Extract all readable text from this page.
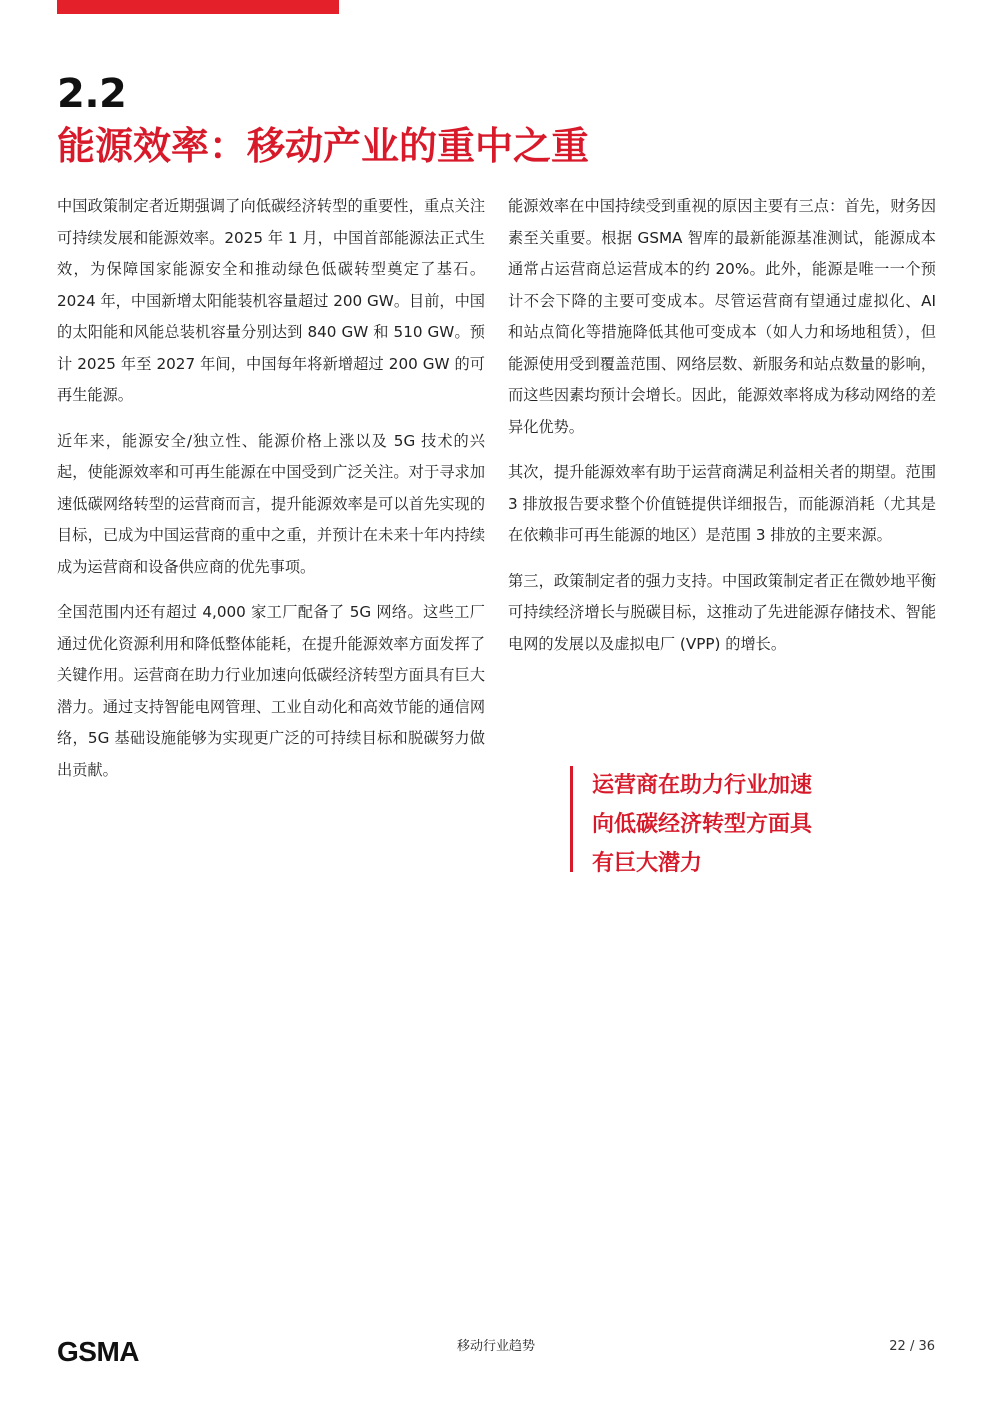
2.2
能源效率：移动产业的重中之重

中国政策制定者近期强调了向低碳经济转型的重要性，重点关注可持续发展和能源效率。2025 年 1 月，中国首部能源法正式生效，为保障国家能源安全和推动绿色低碳转型奠定了基石。2024 年，中国新增太阳能装机容量超过 200 GW。目前，中国的太阳能和风能总装机容量分别达到 840 GW 和 510 GW。预计 2025 年至 2027 年间，中国每年将新增超过 200 GW 的可再生能源。

近年来，能源安全/独立性、能源价格上涨以及 5G 技术的兴起，使能源效率和可再生能源在中国受到广泛关注。对于寻求加速低碳网络转型的运营商而言，提升能源效率是可以首先实现的目标，已成为中国运营商的重中之重，并预计在未来十年内持续成为运营商和设备供应商的优先事项。

全国范围内还有超过 4,000 家工厂配备了 5G 网络。这些工厂通过优化资源利用和降低整体能耗，在提升能源效率方面发挥了关键作用。运营商在助力行业加速向低碳经济转型方面具有巨大潜力。通过支持智能电网管理、工业自动化和高效节能的通信网络，5G 基础设施能够为实现更广泛的可持续目标和脱碳努力做出贡献。

能源效率在中国持续受到重视的原因主要有三点：首先，财务因素至关重要。根据 GSMA 智库的最新能源基准测试，能源成本通常占运营商总运营成本的约 20%。此外，能源是唯一一个预计不会下降的主要可变成本。尽管运营商有望通过虚拟化、AI 和站点简化等措施降低其他可变成本（如人力和场地租赁），但能源使用受到覆盖范围、网络层数、新服务和站点数量的影响，而这些因素均预计会增长。因此，能源效率将成为移动网络的差异化优势。

其次，提升能源效率有助于运营商满足利益相关者的期望。范围 3 排放报告要求整个价值链提供详细报告，而能源消耗（尤其是在依赖非可再生能源的地区）是范围 3 排放的主要来源。

第三，政策制定者的强力支持。中国政策制定者正在微妙地平衡可持续经济增长与脱碳目标，这推动了先进能源存储技术、智能电网的发展以及虚拟电厂 (VPP) 的增长。

运营商在助力行业加速
向低碳经济转型方面具
有巨大潜力
GSMA	移动行业趋势	22 / 36
